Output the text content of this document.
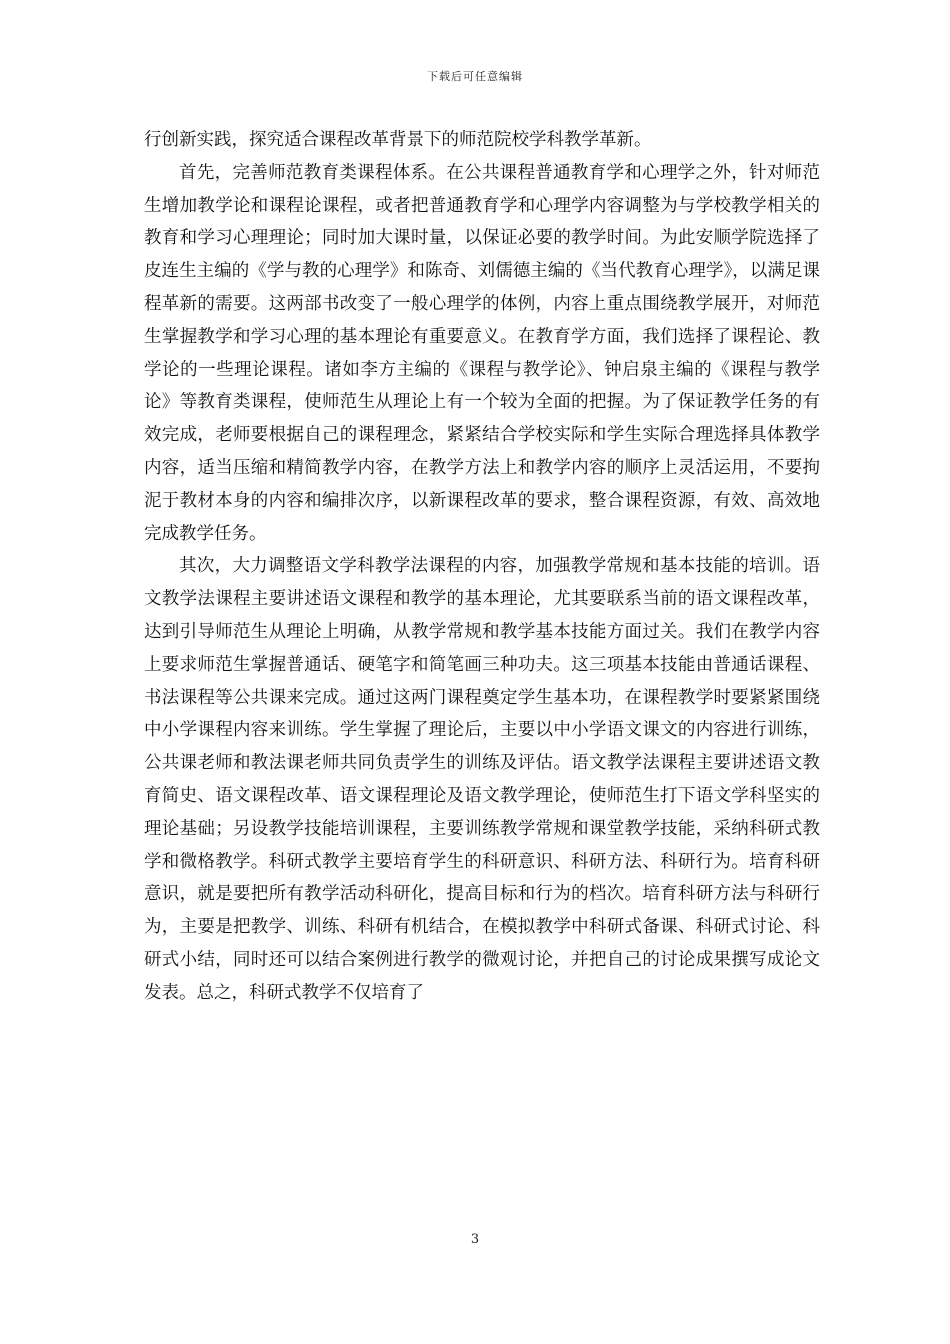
下载后可任意编辑

行创新实践，探究适合课程改革背景下的师范院校学科教学革新。

首先，完善师范教育类课程体系。在公共课程普通教育学和心理学之外，针对师范生增加教学论和课程论课程，或者把普通教育学和心理学内容调整为与学校教学相关的教育和学习心理理论；同时加大课时量，以保证必要的教学时间。为此安顺学院选择了皮连生主编的《学与教的心理学》和陈奇、刘儒德主编的《当代教育心理学》，以满足课程革新的需要。这两部书改变了一般心理学的体例，内容上重点围绕教学展开，对师范生掌握教学和学习心理的基本理论有重要意义。在教育学方面，我们选择了课程论、教学论的一些理论课程。诸如李方主编的《课程与教学论》、钟启泉主编的《课程与教学论》等教育类课程，使师范生从理论上有一个较为全面的把握。为了保证教学任务的有效完成，老师要根据自己的课程理念，紧紧结合学校实际和学生实际合理选择具体教学内容，适当压缩和精简教学内容，在教学方法上和教学内容的顺序上灵活运用，不要拘泥于教材本身的内容和编排次序，以新课程改革的要求，整合课程资源，有效、高效地完成教学任务。

其次，大力调整语文学科教学法课程的内容，加强教学常规和基本技能的培训。语文教学法课程主要讲述语文课程和教学的基本理论，尤其要联系当前的语文课程改革，达到引导师范生从理论上明确，从教学常规和教学基本技能方面过关。我们在教学内容上要求师范生掌握普通话、硬笔字和简笔画三种功夫。这三项基本技能由普通话课程、书法课程等公共课来完成。通过这两门课程奠定学生基本功，在课程教学时要紧紧围绕中小学课程内容来训练。学生掌握了理论后，主要以中小学语文课文的内容进行训练，公共课老师和教法课老师共同负责学生的训练及评估。语文教学法课程主要讲述语文教育简史、语文课程改革、语文课程理论及语文教学理论，使师范生打下语文学科坚实的理论基础；另设教学技能培训课程，主要训练教学常规和课堂教学技能，采纳科研式教学和微格教学。科研式教学主要培育学生的科研意识、科研方法、科研行为。培育科研意识，就是要把所有教学活动科研化，提高目标和行为的档次。培育科研方法与科研行为，主要是把教学、训练、科研有机结合，在模拟教学中科研式备课、科研式讨论、科研式小结，同时还可以结合案例进行教学的微观讨论，并把自己的讨论成果撰写成论文发表。总之，科研式教学不仅培育了

3
